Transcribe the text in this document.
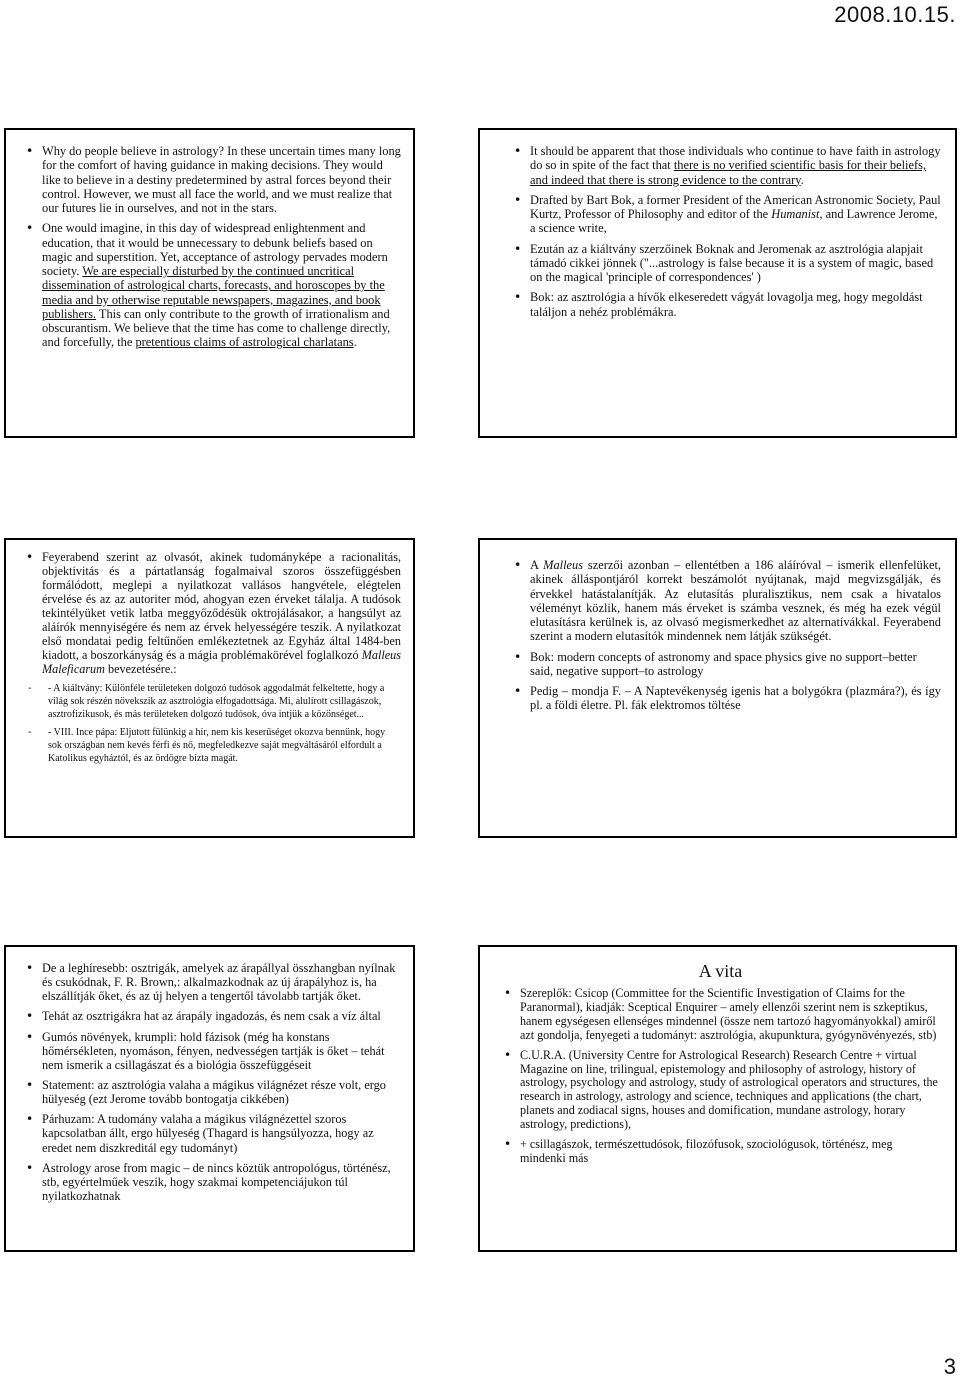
2008.10.15.
• Why do people believe in astrology? In these uncertain times many long for the comfort of having guidance in making decisions. They would like to believe in a destiny predetermined by astral forces beyond their control. However, we must all face the world, and we must realize that our futures lie in ourselves, and not in the stars.
• One would imagine, in this day of widespread enlightenment and education, that it would be unnecessary to debunk beliefs based on magic and superstition. Yet, acceptance of astrology pervades modern society. We are especially disturbed by the continued uncritical dissemination of astrological charts, forecasts, and horoscopes by the media and by otherwise reputable newspapers, magazines, and book publishers. This can only contribute to the growth of irrationalism and obscurantism. We believe that the time has come to challenge directly, and forcefully, the pretentious claims of astrological charlatans.
• It should be apparent that those individuals who continue to have faith in astrology do so in spite of the fact that there is no verified scientific basis for their beliefs, and indeed that there is strong evidence to the contrary.
• Drafted by Bart Bok, a former President of the American Astronomic Society, Paul Kurtz, Professor of Philosophy and editor of the Humanist, and Lawrence Jerome, a science write,
• Ezután az a kiáltvány szerzőinek Boknak and Jeromenak az asztrológia alapjait támadó cikkei jönnek ("...astrology is false because it is a system of magic, based on the magical 'principle of correspondences' )
• Bok: az asztrológia a hívők elkeseredett vágyát lovagolja meg, hogy megoldást találjon a nehéz problémákra.
• Feyerabend szerint az olvasót, akinek tudományképe a racionalitás, objektivitás és a pártatlanság fogalmaival szoros összefüggésben formálódott, meglepi a nyilatkozat vallásos hangvétele, elégtelen érvelése és az az autoriter mód, ahogyan ezen érveket tálalja. A tudósok tekintélyüket vetik latba meggyőződésük oktrojálásakor, a hangsúlyt az aláírók mennyiségére és nem az érvek helyességére teszik. A nyilatkozat első mondatai pedig feltűnően emlékeztetnek az Egyház által 1484-ben kiadott, a boszorkányság és a mágia problémakörével foglalkozó Malleus Maleficarum bevezetésére.:
- - A kiáltvány: Különféle területeken dolgozó tudósok aggodalmát felkeltette, hogy a világ sok részén növekszik az asztrológia elfogadottsága. Mi, alulírott csillagászok, asztrofizikusok, és más területeken dolgozó tudósok, óva intjük a közönséget...
- - VIII. Ince pápa: Eljutott fülünkig a hír, nem kis keserűséget okozva bennünk, hogy sok országban nem kevés férfi és nő, megfeledkezve saját megváltásáról elfordult a Katolikus egyháztól, és az ördögre bízta magát.
• A Malleus szerzői azonban – ellentétben a 186 aláíróval – ismerik ellenfelüket, akinek álláspontjáról korrekt beszámolót nyújtanak, majd megvizsgálják, és érvekkel hatástalanítják. Az elutasítás pluralisztikus, nem csak a hivatalos véleményt közlik, hanem más érveket is számba vesznek, és még ha ezek végül elutasításra kerülnek is, az olvasó megismerkedhet az alternatívákkal. Feyerabend szerint a modern elutasítók mindennek nem látják szükségét.
• Bok: modern concepts of astronomy and space physics give no support–better said, negative support–to astrology
• Pedig – mondja F. – A Naptevékenység igenis hat a bolygókra (plazmára?), és így pl. a földi életre. Pl. fák elektromos töltése
• De a leghíresebb: osztrigák, amelyek az árapállyal összhangban nyílnak és csukódnak, F. R. Brown,: alkalmazkodnak az új árapályhoz is, ha elszállítják őket, és az új helyen a tengertől távolabb tartják őket.
• Tehát az osztrigákra hat az árapály ingadozás, és nem csak a víz által
• Gumós növények, krumpli: hold fázisok (még ha konstans hőmérsékleten, nyomáson, fényen, nedvességen tartják is őket – tehát nem ismerik a csillagászat és a biológia összefüggéseit
• Statement: az asztrológia valaha a mágikus világnézet része volt, ergo hülyeség (ezt Jerome tovább bontogatja cikkében)
• Párhuzam: A tudomány valaha a mágikus világnézettel szoros kapcsolatban állt, ergo hülyeség (Thagard is hangsúlyozza, hogy az eredet nem diszkreditál egy tudományt)
• Astrology arose from magic – de nincs köztük antropológus, történész, stb, egyértelműek veszik, hogy szakmai kompetenciájukon túl nyilatkozhatnak
A vita
• Szereplők: Csicop (Committee for the Scientific Investigation of Claims for the Paranormal), kiadják: Sceptical Enquirer – amely ellenzői szerint nem is szkeptikus, hanem egységesen ellenséges mindennel (össze nem tartozó hagyományokkal) amiről azt gondolja, fenyegeti a tudományt: asztrológia, akupunktura, gyógynövényezés, stb)
• C.U.R.A. (University Centre for Astrological Research) Research Centre + virtual Magazine on line, trilingual, epistemology and philosophy of astrology, history of astrology, psychology and astrology, study of astrological operators and structures, the research in astrology, astrology and science, techniques and applications (the chart, planets and zodiacal signs, houses and domification, mundane astrology, horary astrology, predictions),
• + csillagászok, természettudósok, filozófusok, szociológusok, történész, meg mindenki más
3
